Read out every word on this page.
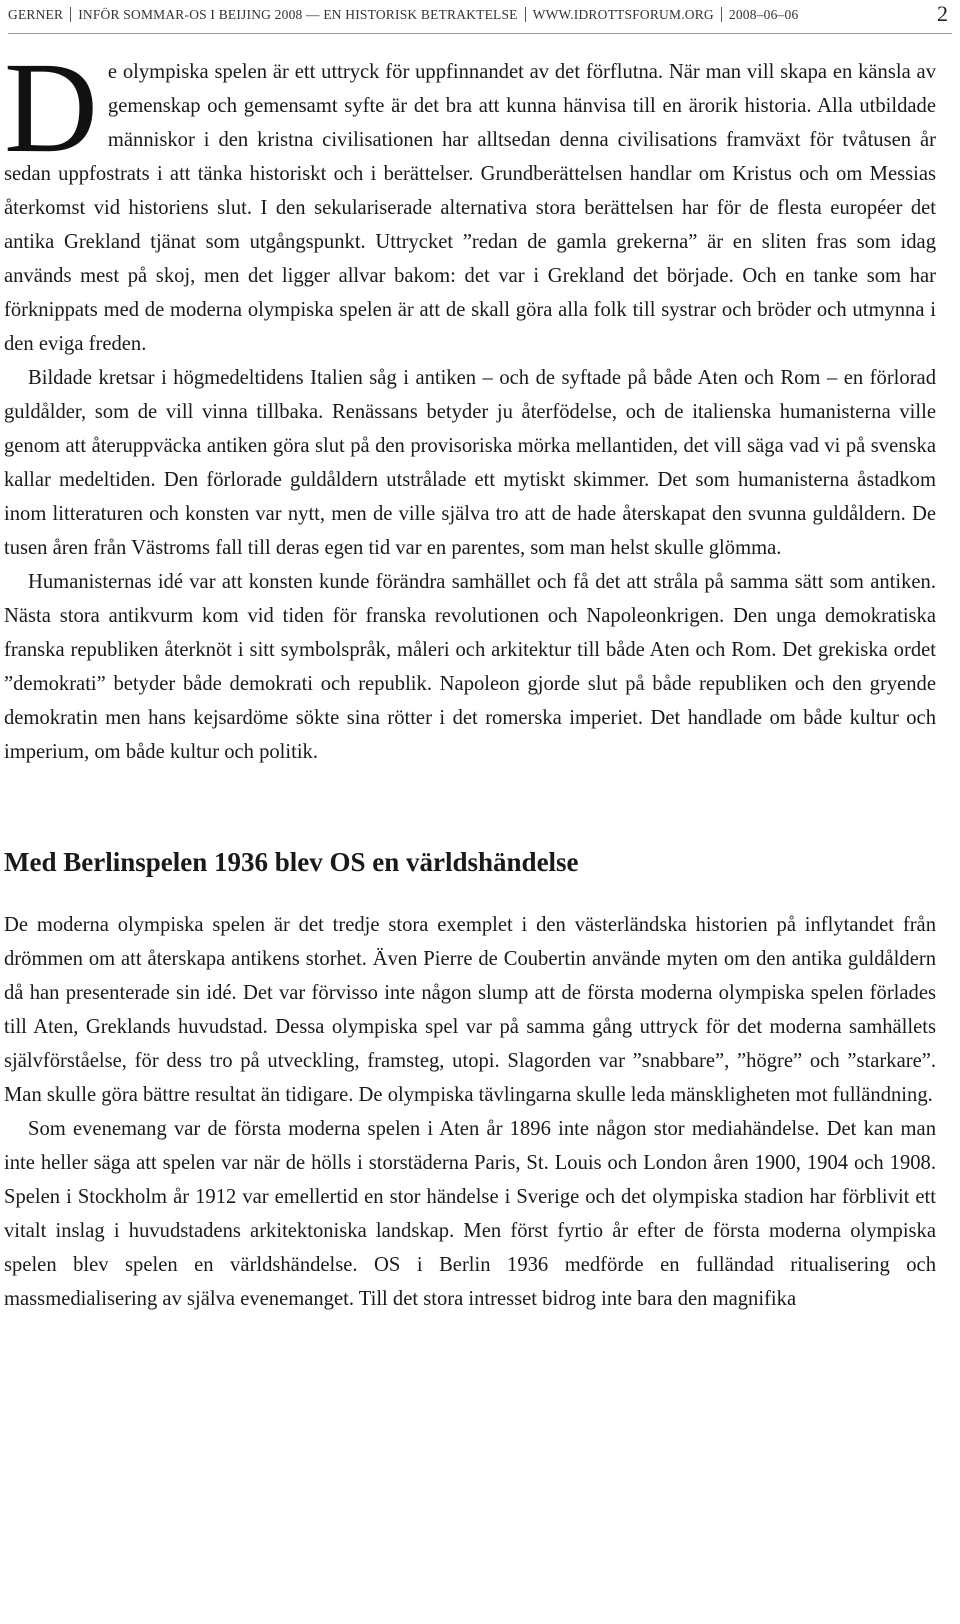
GERNER INFÖR SOMMAR-OS I BEIJING 2008 — EN HISTORISK BETRAKTELSE WWW.IDROTTSFORUM.ORG 2008–06–06	2

De olympiska spelen är ett uttryck för uppfinnandet av det förflutna. När man vill skapa en känsla av gemenskap och gemensamt syfte är det bra att kunna hänvisa till en ärorik historia. Alla utbildade människor i den kristna civilisationen har alltsedan denna civilisations framväxt för tvåtusen år sedan uppfostrats i att tänka historiskt och i berättelser. Grundberättelsen handlar om Kristus och om Messias återkomst vid historiens slut. I den sekulariserade alternativa stora berättelsen har för de flesta européer det antika Grekland tjänat som utgångspunkt. Uttrycket ”redan de gamla grekerna” är en sliten fras som idag används mest på skoj, men det ligger allvar bakom: det var i Grekland det började. Och en tanke som har förknippats med de moderna olympiska spelen är att de skall göra alla folk till systrar och bröder och utmynna i den eviga freden.

Bildade kretsar i högmedeltidens Italien såg i antiken – och de syftade på både Aten och Rom – en förlorad guldålder, som de vill vinna tillbaka. Renässans betyder ju återfödelse, och de italienska humanisterna ville genom att återuppväcka antiken göra slut på den provisoriska mörka mellantiden, det vill säga vad vi på svenska kallar medeltiden. Den förlorade guldåldern utstrålade ett mytiskt skimmer. Det som humanisterna åstadkom inom litteraturen och konsten var nytt, men de ville själva tro att de hade återskapat den svunna guldåldern. De tusen åren från Västroms fall till deras egen tid var en parentes, som man helst skulle glömma.

Humanisternas idé var att konsten kunde förändra samhället och få det att stråla på samma sätt som antiken. Nästa stora antikvurm kom vid tiden för franska revolutionen och Napoleonkrigen. Den unga demokratiska franska republiken återknöt i sitt symbolspråk, måleri och arkitektur till både Aten och Rom. Det grekiska ordet ”demokrati” betyder både demokrati och republik. Napoleon gjorde slut på både republiken och den gryende demokratin men hans kejsardöme sökte sina rötter i det romerska imperiet. Det handlade om både kultur och imperium, om både kultur och politik.

Med Berlinspelen 1936 blev OS en världshändelse

De moderna olympiska spelen är det tredje stora exemplet i den västerländska historien på inflytandet från drömmen om att återskapa antikens storhet. Även Pierre de Coubertin använde myten om den antika guldåldern då han presenterade sin idé. Det var förvisso inte någon slump att de första moderna olympiska spelen förlades till Aten, Greklands huvudstad. Dessa olympiska spel var på samma gång uttryck för det moderna samhällets självförståelse, för dess tro på utveckling, framsteg, utopi. Slagorden var ”snabbare”, ”högre” och ”starkare”. Man skulle göra bättre resultat än tidigare. De olympiska tävlingarna skulle leda mänskligheten mot fulländning.

Som evenemang var de första moderna spelen i Aten år 1896 inte någon stor mediahändelse. Det kan man inte heller säga att spelen var när de hölls i storstäderna Paris, St. Louis och London åren 1900, 1904 och 1908. Spelen i Stockholm år 1912 var emellertid en stor händelse i Sverige och det olympiska stadion har förblivit ett vitalt inslag i huvudstadens arkitektoniska landskap. Men först fyrtio år efter de första moderna olympiska spelen blev spelen en världshändelse. OS i Berlin 1936 medförde en fulländad ritualisering och massmedialisering av själva evenemanget. Till det stora intresset bidrog inte bara den magnifika
